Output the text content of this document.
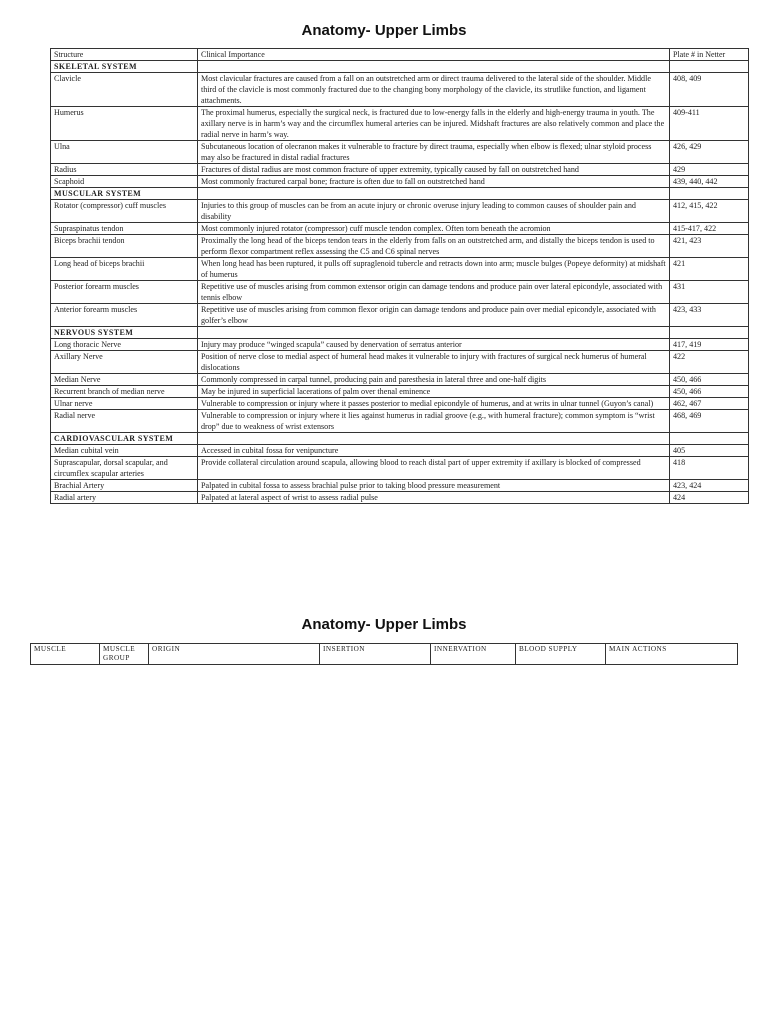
Anatomy- Upper Limbs
Structure	Clinical Importance	Plate # in Netter
SKELETAL SYSTEM		
Clavicle	Most clavicular fractures are caused from a fall on an outstretched arm or direct trauma delivered to the lateral side of the shoulder. Middle third of the clavicle is most commonly fractured due to the changing bony morphology of the clavicle, its strutlike function, and ligament attachments.	408, 409
Humerus	The proximal humerus, especially the surgical neck, is fractured due to low-energy falls in the elderly and high-energy trauma in youth. The axillary nerve is in harm’s way and the circumflex humeral arteries can be injured. Midshaft fractures are also relatively common and place the radial nerve in harm’s way.	409-411
Ulna	Subcutaneous location of olecranon makes it vulnerable to fracture by direct trauma, especially when elbow is flexed; ulnar styloid process may also be fractured in distal radial fractures	426, 429
Radius	Fractures of distal radius are most common fracture of upper extremity, typically caused by fall on outstretched hand	429
Scaphoid	Most commonly fractured carpal bone; fracture is often due to fall on outstretched hand	439, 440, 442
MUSCULAR SYSTEM		
Rotator (compressor) cuff muscles	Injuries to this group of muscles can be from an acute injury or chronic overuse injury leading to common causes of shoulder pain and disability	412, 415, 422
Supraspinatus tendon	Most commonly injured rotator (compressor) cuff muscle tendon complex. Often torn beneath the acromion	415-417, 422
Biceps brachii tendon	Proximally the long head of the biceps tendon tears in the elderly from falls on an outstretched arm, and distally the biceps tendon is used to perform flexor compartment reflex assessing the C5 and C6 spinal nerves	421, 423
Long head of biceps brachii	When long head has been ruptured, it pulls off supraglenoid tubercle and retracts down into arm; muscle bulges (Popeye deformity) at midshaft of humerus	421
Posterior forearm muscles	Repetitive use of muscles arising from common extensor origin can damage tendons and produce pain over lateral epicondyle, associated with tennis elbow	431
Anterior forearm muscles	Repetitive use of muscles arising from common flexor origin can damage tendons and produce pain over medial epicondyle, associated with golfer’s elbow	423, 433
NERVOUS SYSTEM		
Long thoracic Nerve	Injury may produce “winged scapula” caused by denervation of serratus anterior	417, 419
Axillary Nerve	Position of nerve close to medial aspect of humeral head makes it vulnerable to injury with fractures of surgical neck humerus of humeral dislocations	422
Median Nerve	Commonly compressed in carpal tunnel, producing pain and paresthesia in lateral three and one-half digits	450, 466
Recurrent branch of median nerve	May be injured in superficial lacerations of palm over thenal eminence	450, 466
Ulnar nerve	Vulnerable to compression or injury where it passes posterior to medial epicondyle of humerus, and at writs in ulnar tunnel (Guyon’s canal)	462, 467
Radial nerve	Vulnerable to compression or injury where it lies against humerus in radial groove (e.g., with humeral fracture); common symptom is “wrist drop” due to weakness of wrist extensors	468, 469
CARDIOVASCULAR SYSTEM		
Median cubital vein	Accessed in cubital fossa for venipuncture	405
Suprascapular, dorsal scapular, and circumflex scapular arteries	Provide collateral circulation around scapula, allowing blood to reach distal part of upper extremity if axillary is blocked of compressed	418
Brachial Artery	Palpated in cubital fossa to assess brachial pulse prior to taking blood pressure measurement	423, 424
Radial artery	Palpated at lateral aspect of wrist to assess radial pulse	424
Anatomy- Upper Limbs
MUSCLE	MUSCLE GROUP	ORIGIN	INSERTION	INNERVATION	BLOOD SUPPLY	MAIN ACTIONS
